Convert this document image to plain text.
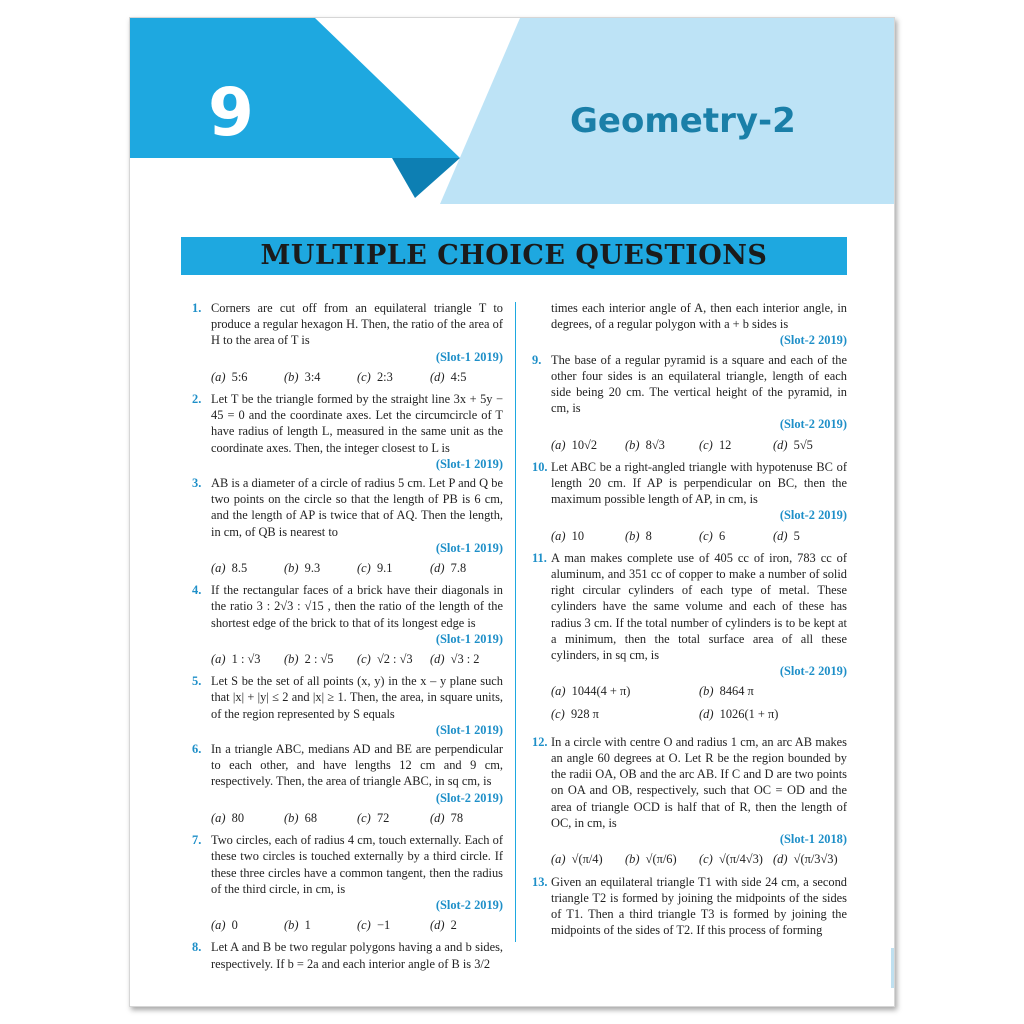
9	Geometry-2
MULTIPLE CHOICE QUESTIONS
1. Corners are cut off from an equilateral triangle T to produce a regular hexagon H. Then, the ratio of the area of H to the area of T is
(Slot-1 2019)
(a) 5:6	(b) 3:4	(c) 2:3	(d) 4:5
2. Let T be the triangle formed by the straight line 3x + 5y − 45 = 0 and the coordinate axes. Let the circumcircle of T have radius of length L, measured in the same unit as the coordinate axes. Then, the integer closest to L is
(Slot-1 2019)
3. AB is a diameter of a circle of radius 5 cm. Let P and Q be two points on the circle so that the length of PB is 6 cm, and the length of AP is twice that of AQ. Then the length, in cm, of QB is nearest to
(Slot-1 2019)
(a) 8.5	(b) 9.3	(c) 9.1	(d) 7.8
4. If the rectangular faces of a brick have their diagonals in the ratio 3 : 2√3 : √15 , then the ratio of the length of the shortest edge of the brick to that of its longest edge is
(Slot-1 2019)
(a) 1 : √3	(b) 2 : √5	(c) √2 : √3	(d) √3 : 2
5. Let S be the set of all points (x, y) in the x – y plane such that |x| + |y| ≤ 2 and |x| ≥ 1. Then, the area, in square units, of the region represented by S equals
(Slot-1 2019)
6. In a triangle ABC, medians AD and BE are perpendicular to each other, and have lengths 12 cm and 9 cm, respectively. Then, the area of triangle ABC, in sq cm, is
(Slot-2 2019)
(a) 80	(b) 68	(c) 72	(d) 78
7. Two circles, each of radius 4 cm, touch externally. Each of these two circles is touched externally by a third circle. If these three circles have a common tangent, then the radius of the third circle, in cm, is
(Slot-2 2019)
(a) 0	(b) 1	(c) −1	(d) 2
8. Let A and B be two regular polygons having a and b sides, respectively. If b = 2a and each interior angle of B is 3/2
times each interior angle of A, then each interior angle, in degrees, of a regular polygon with a + b sides is
(Slot-2 2019)
9. The base of a regular pyramid is a square and each of the other four sides is an equilateral triangle, length of each side being 20 cm. The vertical height of the pyramid, in cm, is
(Slot-2 2019)
(a) 10√2	(b) 8√3	(c) 12	(d) 5√5
10. Let ABC be a right-angled triangle with hypotenuse BC of length 20 cm. If AP is perpendicular on BC, then the maximum possible length of AP, in cm, is
(Slot-2 2019)
(a) 10	(b) 8	(c) 6	(d) 5
11. A man makes complete use of 405 cc of iron, 783 cc of aluminum, and 351 cc of copper to make a number of solid right circular cylinders of each type of metal. These cylinders have the same volume and each of these has radius 3 cm. If the total number of cylinders is to be kept at a minimum, then the total surface area of all these cylinders, in sq cm, is
(Slot-2 2019)
(a) 1044(4 + π)	(b) 8464 π
(c) 928 π	(d) 1026(1 + π)
12. In a circle with centre O and radius 1 cm, an arc AB makes an angle 60 degrees at O. Let R be the region bounded by the radii OA, OB and the arc AB. If C and D are two points on OA and OB, respectively, such that OC = OD and the area of triangle OCD is half that of R, then the length of OC, in cm, is
(Slot-1 2018)
(a) √(π/4)	(b) √(π/6)	(c) √(π/4√3) (d) √(π/3√3)
13. Given an equilateral triangle T1 with side 24 cm, a second triangle T2 is formed by joining the midpoints of the sides of T1. Then a third triangle T3 is formed by joining the midpoints of the sides of T2. If this process of forming
